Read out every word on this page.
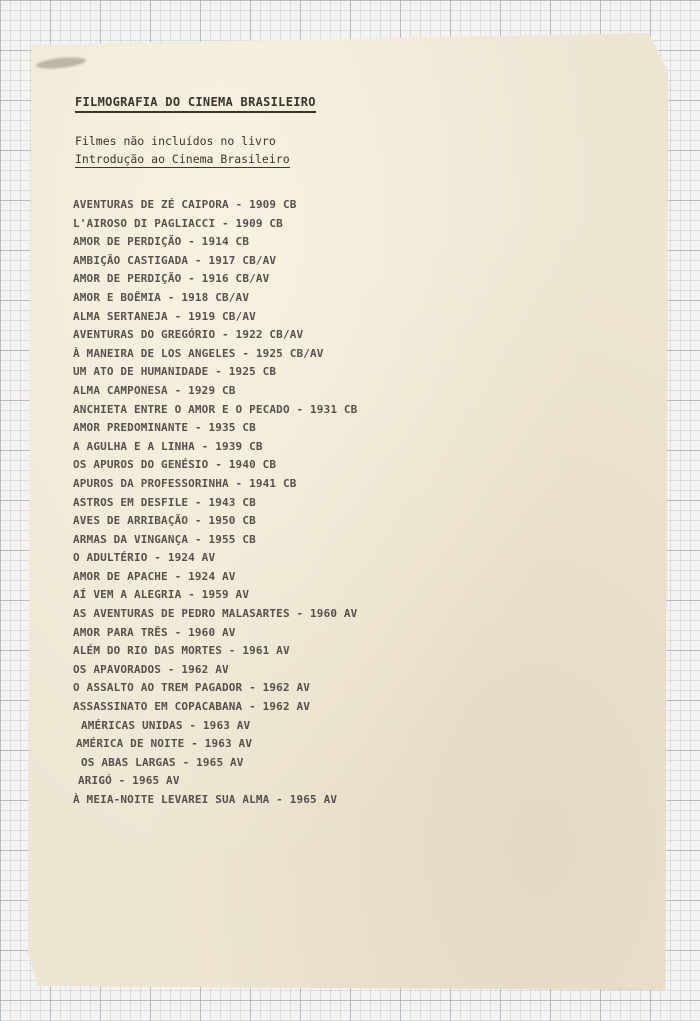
FILMOGRAFIA DO CINEMA BRASILEIRO
Filmes não incluídos no livro
Introdução ao Cinema Brasileiro
AVENTURAS DE ZÉ CAIPORA - 1909 CB
L'AIROSO DI PAGLIACCI - 1909 CB
AMOR DE PERDIÇÃO - 1914 CB
AMBIÇÃO CASTIGADA - 1917 CB/AV
AMOR DE PERDIÇÃO - 1916 CB/AV
AMOR E BOÊMIA - 1918 CB/AV
ALMA SERTANEJA - 1919 CB/AV
AVENTURAS DO GREGÓRIO - 1922 CB/AV
À MANEIRA DE LOS ANGELES - 1925 CB/AV
UM ATO DE HUMANIDADE - 1925 CB
ALMA CAMPONESA - 1929 CB
ANCHIETA ENTRE O AMOR E O PECADO - 1931 CB
AMOR PREDOMINANTE - 1935 CB
A AGULHA E A LINHA - 1939 CB
OS APUROS DO GENÉSIO - 1940 CB
APUROS DA PROFESSORINHA - 1941 CB
ASTROS EM DESFILE - 1943 CB
AVES DE ARRIBAÇÃO - 1950 CB
ARMAS DA VINGANÇA - 1955 CB
O ADULTÉRIO - 1924 AV
AMOR DE APACHE - 1924 AV
AÍ VEM A ALEGRIA - 1959 AV
AS AVENTURAS DE PEDRO MALASARTES - 1960 AV
AMOR PARA TRÊS - 1960 AV
ALÉM DO RIO DAS MORTES - 1961 AV
OS APAVORADOS - 1962 AV
O ASSALTO AO TREM PAGADOR - 1962 AV
ASSASSINATO EM COPACABANA - 1962 AV
AMÉRICAS UNIDAS - 1963 AV
AMÉRICA DE NOITE - 1963 AV
OS ABAS LARGAS - 1965 AV
ARIGÓ - 1965 AV
À MEIA-NOITE LEVAREI SUA ALMA - 1965 AV
